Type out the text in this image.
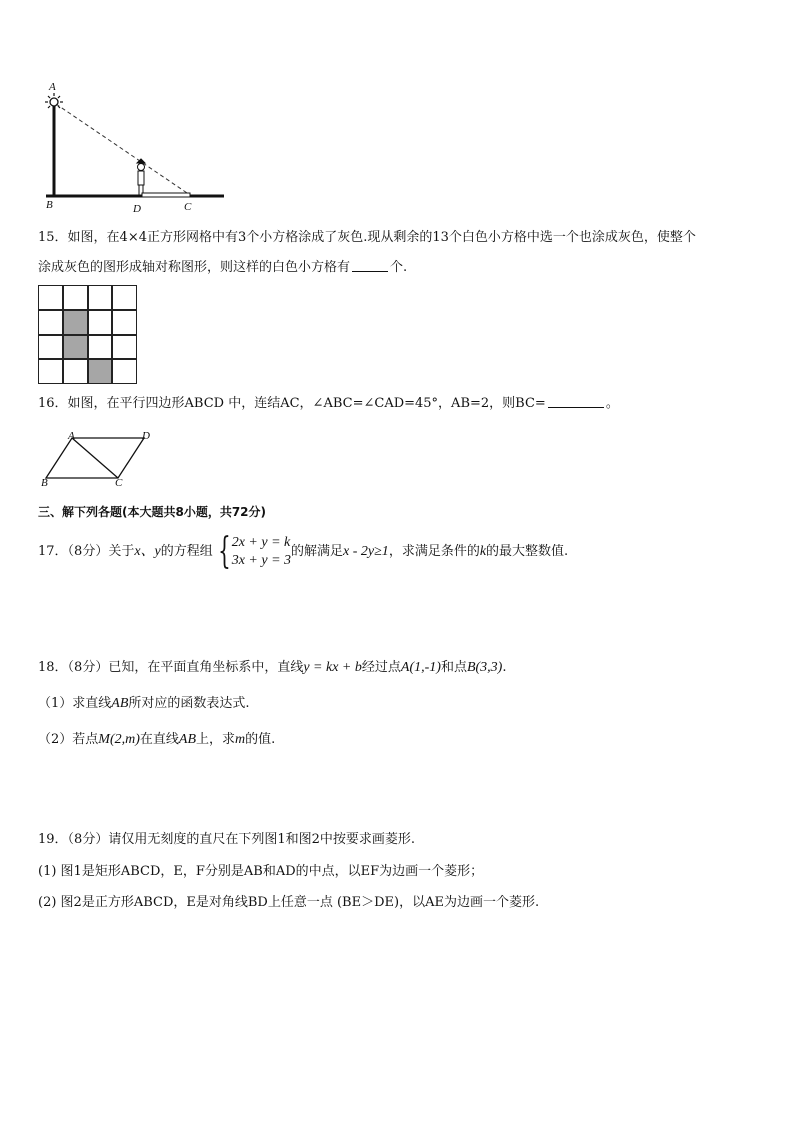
A
B	D	C
15．如图，在4×4正方形网格中有3个小方格涂成了灰色.现从剩余的13个白色小方格中选一个也涂成灰色，使整个
涂成灰色的图形成轴对称图形，则这样的白色小方格有	个.
16．如图，在平行四边形ABCD 中，连结AC，∠ABC=∠CAD=45°，AB=2，则BC=	。
A	D
B	C
三、解下列各题(本大题共8小题，共72分)
17．（8分）关于x、y的方程组 { 2x + y = k
3x + y = 3
的解满足x - 2y≥1，求满足条件的k的最大整数值.
18．（8分）已知，在平面直角坐标系中，直线y = kx + b经过点A(1,-1)和点B(3,3).
（1）求直线AB所对应的函数表达式.
（2）若点M(2,m)在直线AB上，求m的值.
19．（8分）请仅用无刻度的直尺在下列图1和图2中按要求画菱形.
(1) 图1是矩形ABCD，E，F分别是AB和AD的中点，以EF为边画一个菱形；
(2) 图2是正方形ABCD，E是对角线BD上任意一点 (BE＞DE)，以AE为边画一个菱形.
